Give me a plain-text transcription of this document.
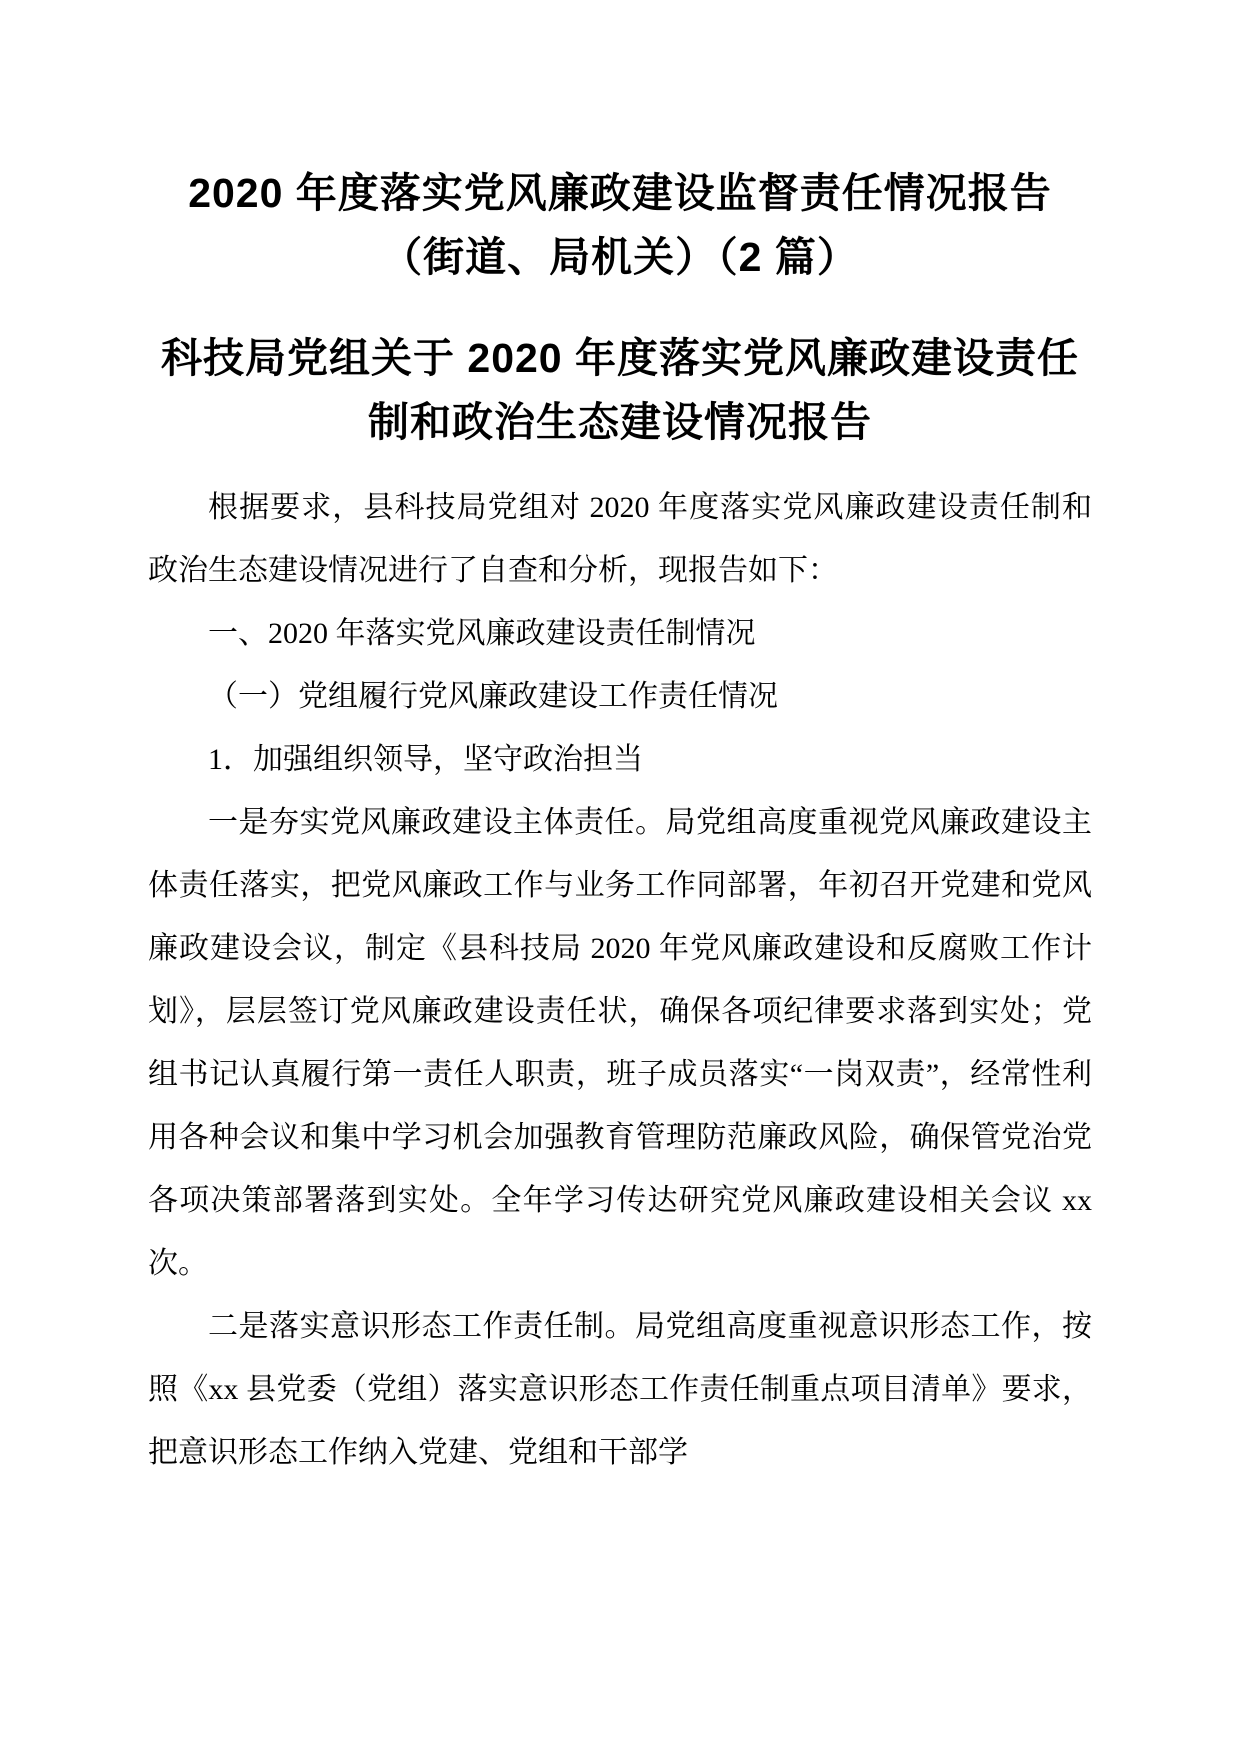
2020 年度落实党风廉政建设监督责任情况报告（街道、局机关）（2 篇）
科技局党组关于 2020 年度落实党风廉政建设责任制和政治生态建设情况报告

根据要求，县科技局党组对 2020 年度落实党风廉政建设责任制和政治生态建设情况进行了自查和分析，现报告如下：

一、2020 年落实党风廉政建设责任制情况

（一）党组履行党风廉政建设工作责任情况

1．加强组织领导，坚守政治担当

一是夯实党风廉政建设主体责任。局党组高度重视党风廉政建设主体责任落实，把党风廉政工作与业务工作同部署，年初召开党建和党风廉政建设会议，制定《县科技局 2020 年党风廉政建设和反腐败工作计划》，层层签订党风廉政建设责任状，确保各项纪律要求落到实处；党组书记认真履行第一责任人职责，班子成员落实“一岗双责”，经常性利用各种会议和集中学习机会加强教育管理防范廉政风险，确保管党治党各项决策部署落到实处。全年学习传达研究党风廉政建设相关会议 xx 次。

二是落实意识形态工作责任制。局党组高度重视意识形态工作，按照《xx 县党委（党组）落实意识形态工作责任制重点项目清单》要求，把意识形态工作纳入党建、党组和干部学
